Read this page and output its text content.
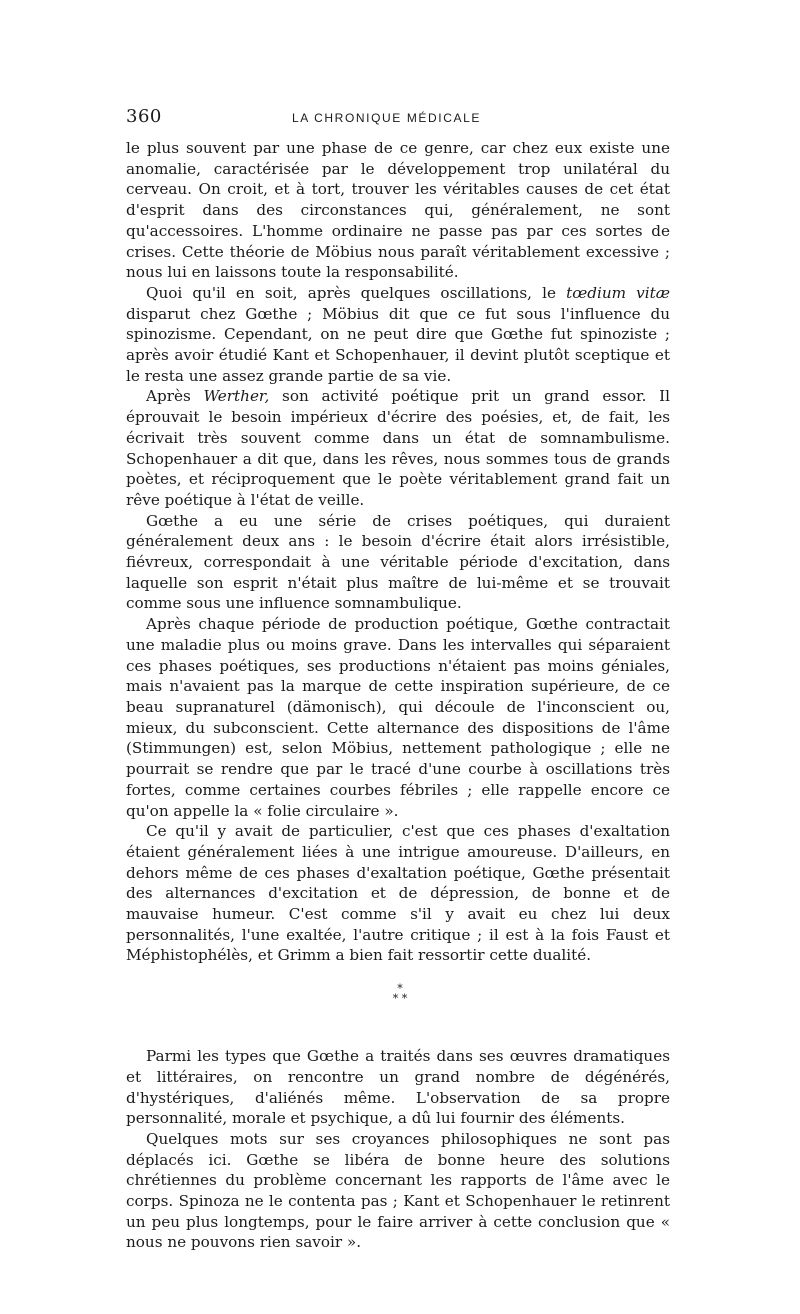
360	LA CHRONIQUE MÉDICALE

le plus souvent par une phase de ce genre, car chez eux existe une anomalie, caractérisée par le développement trop unilatéral du cerveau. On croit, et à tort, trouver les véritables causes de cet état d'esprit dans des circonstances qui, généralement, ne sont qu'accessoires. L'homme ordinaire ne passe pas par ces sortes de crises. Cette théorie de Möbius nous paraît véritablement excessive ; nous lui en laissons toute la responsabilité.

Quoi qu'il en soit, après quelques oscillations, le tœdium vitæ disparut chez Gœthe ; Möbius dit que ce fut sous l'influence du spinozisme. Cependant, on ne peut dire que Gœthe fut spinoziste ; après avoir étudié Kant et Schopenhauer, il devint plutôt sceptique et le resta une assez grande partie de sa vie.

Après Werther, son activité poétique prit un grand essor. Il éprouvait le besoin impérieux d'écrire des poésies, et, de fait, les écrivait très souvent comme dans un état de somnambulisme. Schopenhauer a dit que, dans les rêves, nous sommes tous de grands poètes, et réciproquement que le poète véritablement grand fait un rêve poétique à l'état de veille.

Gœthe a eu une série de crises poétiques, qui duraient généralement deux ans : le besoin d'écrire était alors irrésistible, fiévreux, correspondait à une véritable période d'excitation, dans laquelle son esprit n'était plus maître de lui-même et se trouvait comme sous une influence somnambulique.

Après chaque période de production poétique, Gœthe contractait une maladie plus ou moins grave. Dans les intervalles qui séparaient ces phases poétiques, ses productions n'étaient pas moins géniales, mais n'avaient pas la marque de cette inspiration supérieure, de ce beau supranaturel (dämonisch), qui découle de l'inconscient ou, mieux, du subconscient. Cette alternance des dispositions de l'âme (Stimmungen) est, selon Möbius, nettement pathologique ; elle ne pourrait se rendre que par le tracé d'une courbe à oscillations très fortes, comme certaines courbes fébriles ; elle rappelle encore ce qu'on appelle la « folie circulaire ».

Ce qu'il y avait de particulier, c'est que ces phases d'exaltation étaient généralement liées à une intrigue amoureuse. D'ailleurs, en dehors même de ces phases d'exaltation poétique, Gœthe présentait des alternances d'excitation et de dépression, de bonne et de mauvaise humeur. C'est comme s'il y avait eu chez lui deux personnalités, l'une exaltée, l'autre critique ; il est à la fois Faust et Méphistophélès, et Grimm a bien fait ressortir cette dualité.

*
* *

Parmi les types que Gœthe a traités dans ses œuvres dramatiques et littéraires, on rencontre un grand nombre de dégénérés, d'hystériques, d'aliénés même. L'observation de sa propre personnalité, morale et psychique, a dû lui fournir des éléments.

Quelques mots sur ses croyances philosophiques ne sont pas déplacés ici. Gœthe se libéra de bonne heure des solutions chrétiennes du problème concernant les rapports de l'âme avec le corps. Spinoza ne le contenta pas ; Kant et Schopenhauer le retinrent un peu plus longtemps, pour le faire arriver à cette conclusion que « nous ne pouvons rien savoir ».
